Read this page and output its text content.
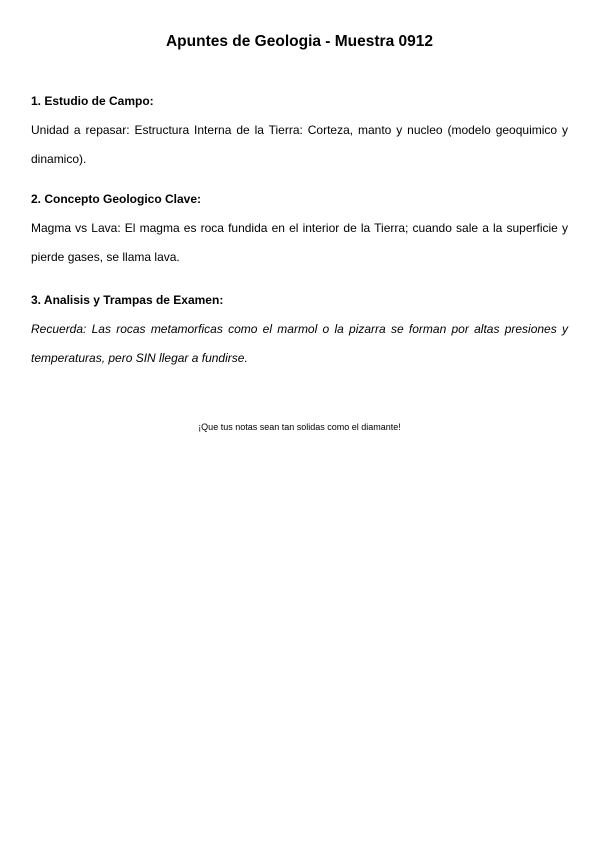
Apuntes de Geologia - Muestra 0912
1. Estudio de Campo:

Unidad a repasar: Estructura Interna de la Tierra: Corteza, manto y nucleo (modelo geoquimico y dinamico).

2. Concepto Geologico Clave:

Magma vs Lava: El magma es roca fundida en el interior de la Tierra; cuando sale a la superficie y pierde gases, se llama lava.

3. Analisis y Trampas de Examen:

Recuerda: Las rocas metamorficas como el marmol o la pizarra se forman por altas presiones y temperaturas, pero SIN llegar a fundirse.

¡Que tus notas sean tan solidas como el diamante!
